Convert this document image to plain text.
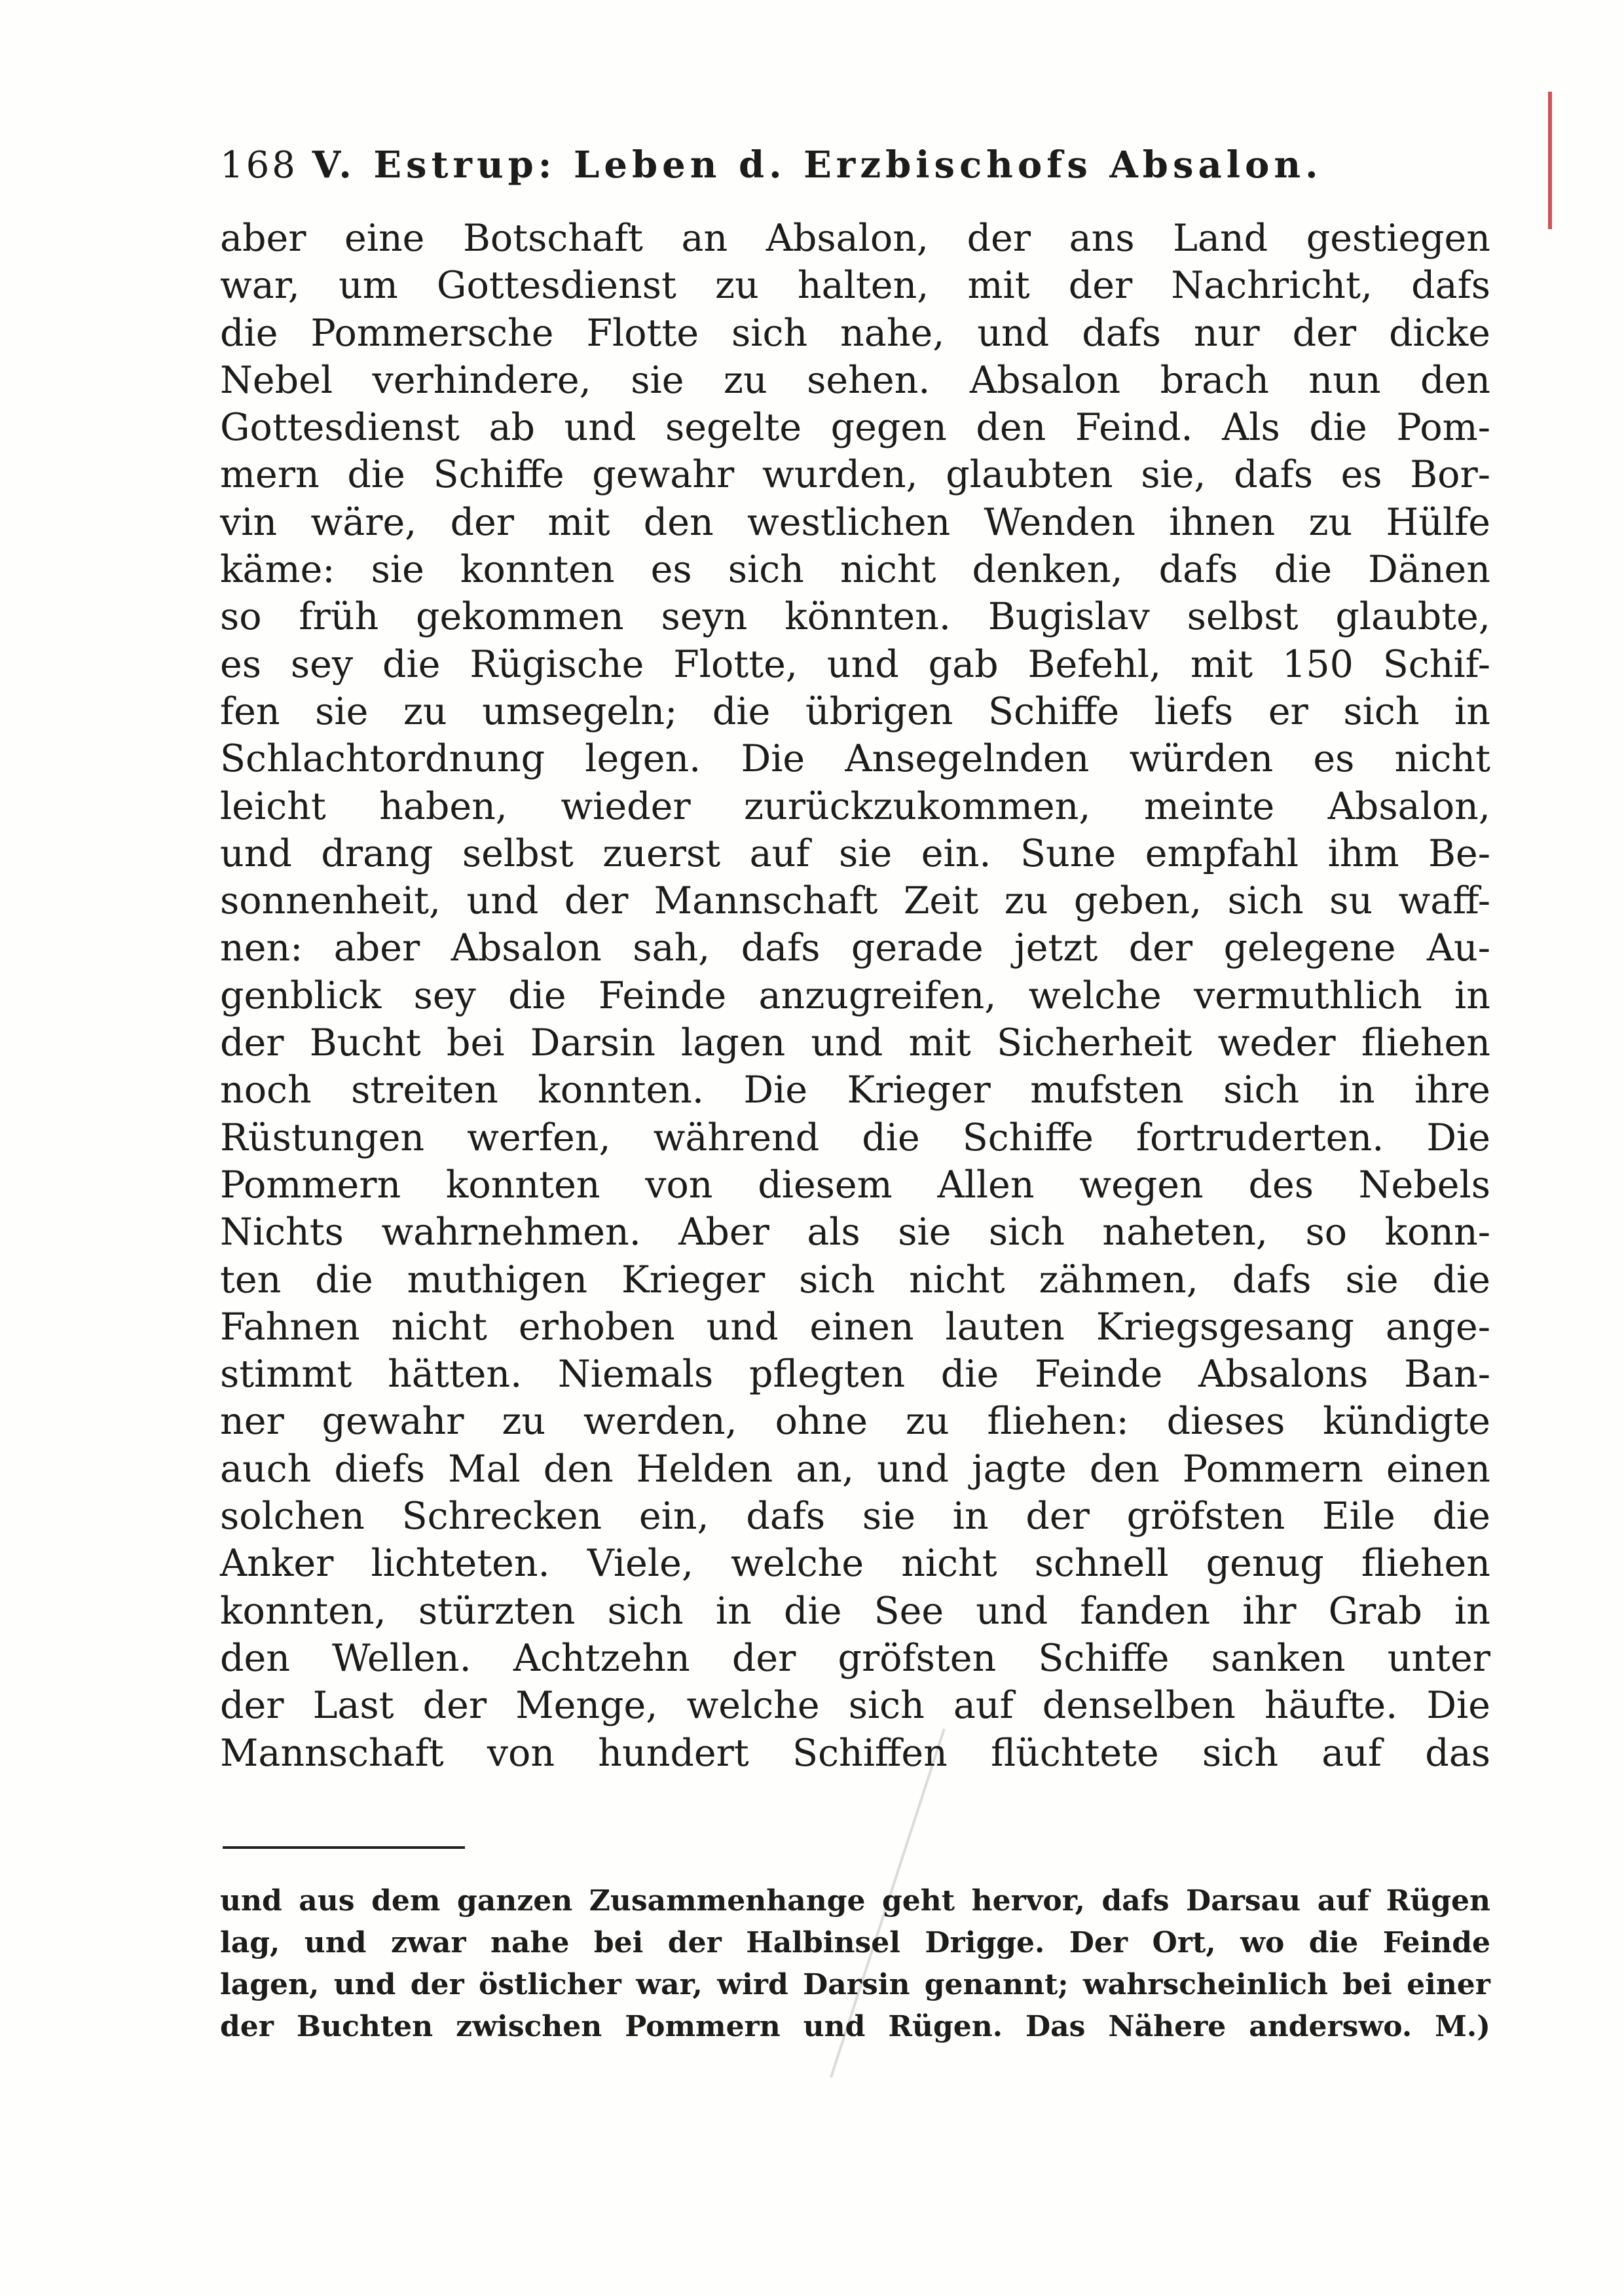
168 V. Estrup: Leben d. Erzbischofs Absalon.
aber eine Botschaft an Absalon, der ans Land gestiegen
war, um Gottesdienst zu halten, mit der Nachricht, dafs
die Pommersche Flotte sich nahe, und dafs nur der dicke
Nebel verhindere, sie zu sehen. Absalon brach nun den
Gottesdienst ab und segelte gegen den Feind. Als die Pom-
mern die Schiffe gewahr wurden, glaubten sie, dafs es Bor-
vin wäre, der mit den westlichen Wenden ihnen zu Hülfe
käme: sie konnten es sich nicht denken, dafs die Dänen
so früh gekommen seyn könnten. Bugislav selbst glaubte,
es sey die Rügische Flotte, und gab Befehl, mit 150 Schif-
fen sie zu umsegeln; die übrigen Schiffe liefs er sich in
Schlachtordnung legen. Die Ansegelnden würden es nicht
leicht haben, wieder zurückzukommen, meinte Absalon,
und drang selbst zuerst auf sie ein. Sune empfahl ihm Be-
sonnenheit, und der Mannschaft Zeit zu geben, sich su waff-
nen: aber Absalon sah, dafs gerade jetzt der gelegene Au-
genblick sey die Feinde anzugreifen, welche vermuthlich in
der Bucht bei Darsin lagen und mit Sicherheit weder fliehen
noch streiten konnten. Die Krieger mufsten sich in ihre
Rüstungen werfen, während die Schiffe fortruderten. Die
Pommern konnten von diesem Allen wegen des Nebels
Nichts wahrnehmen. Aber als sie sich naheten, so konn-
ten die muthigen Krieger sich nicht zähmen, dafs sie die
Fahnen nicht erhoben und einen lauten Kriegsgesang ange-
stimmt hätten. Niemals pflegten die Feinde Absalons Ban-
ner gewahr zu werden, ohne zu fliehen: dieses kündigte
auch diefs Mal den Helden an, und jagte den Pommern einen
solchen Schrecken ein, dafs sie in der gröfsten Eile die
Anker lichteten. Viele, welche nicht schnell genug fliehen
konnten, stürzten sich in die See und fanden ihr Grab in
den Wellen. Achtzehn der gröfsten Schiffe sanken unter
der Last der Menge, welche sich auf denselben häufte. Die
Mannschaft von hundert Schiffen flüchtete sich auf das
und aus dem ganzen Zusammenhange geht hervor, dafs Darsau auf Rügen
lag, und zwar nahe bei der Halbinsel Drigge. Der Ort, wo die Feinde
lagen, und der östlicher war, wird Darsin genannt; wahrscheinlich bei einer
der Buchten zwischen Pommern und Rügen. Das Nähere anderswo. M.)
